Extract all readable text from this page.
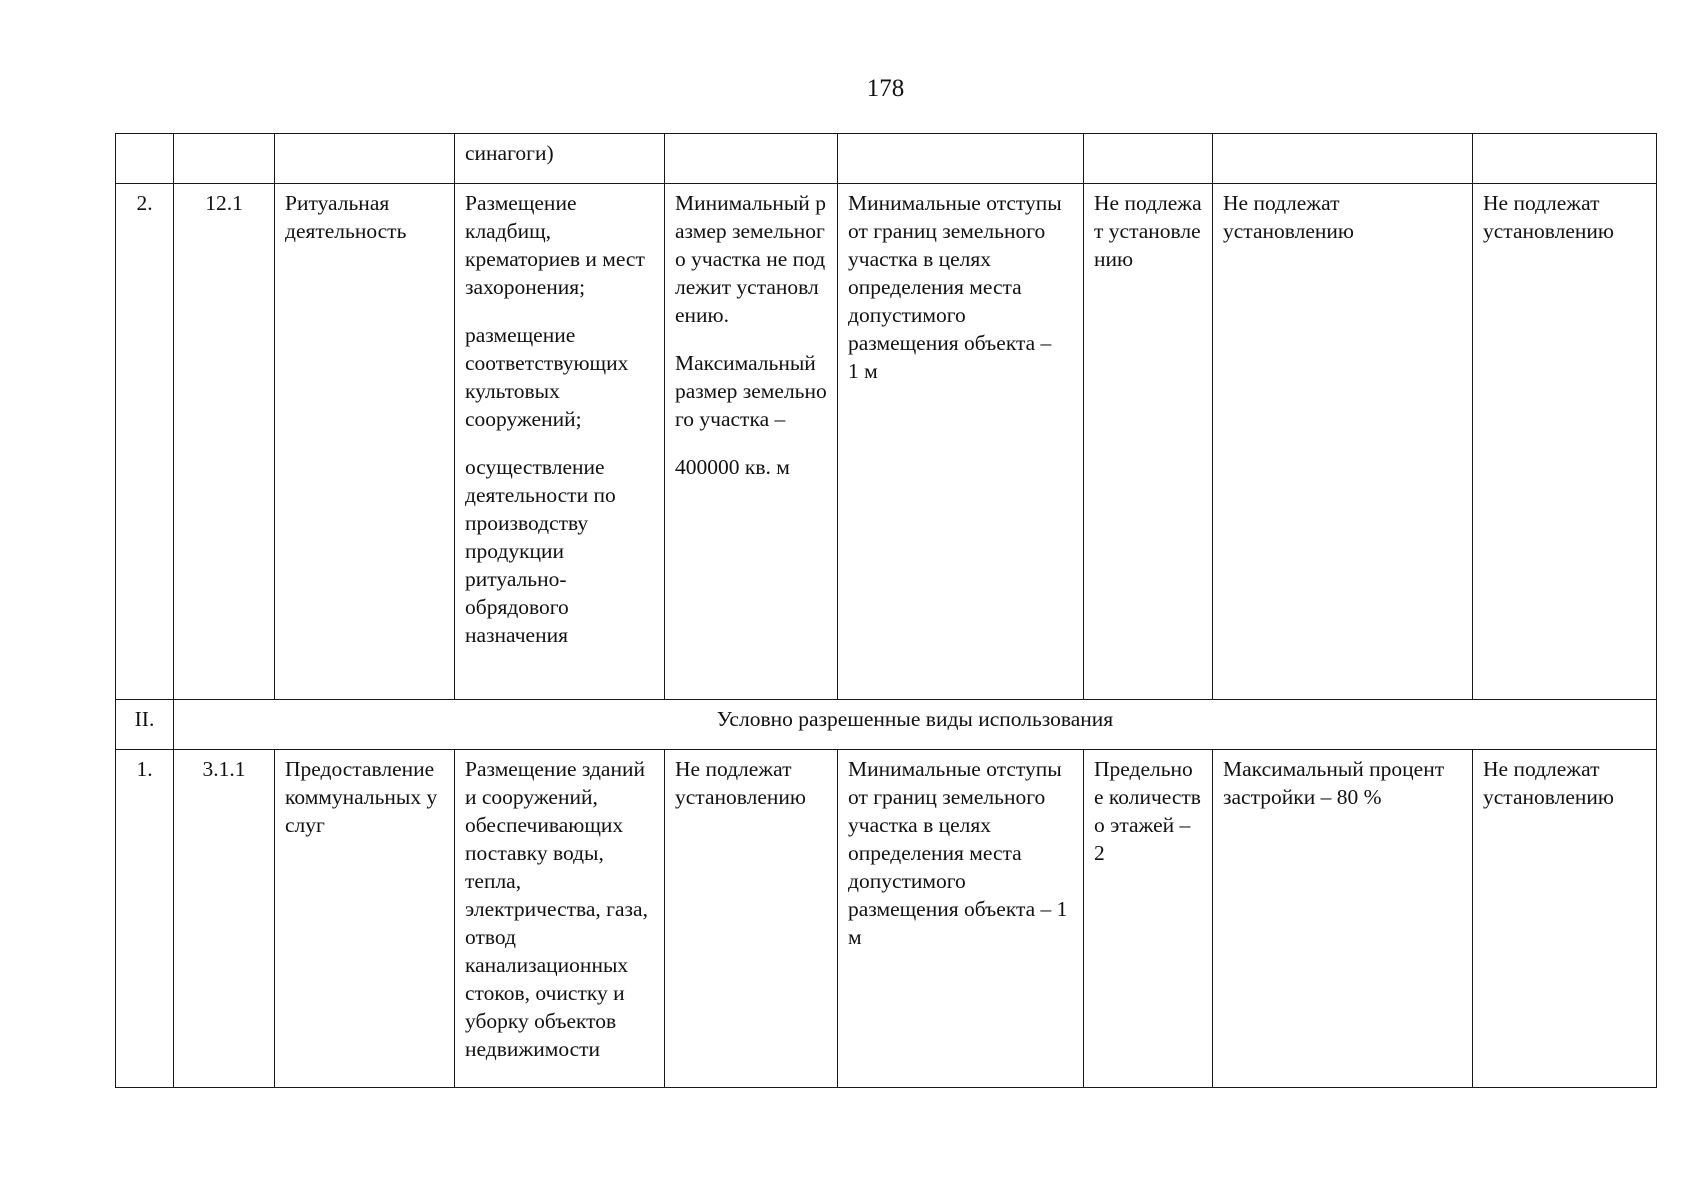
178
			синагоги)					
2.	12.1	Ритуальная деятельность	Размещение кладбищ, крематориев и мест захоронения;
размещение соответствующих культовых сооружений;
осуществление деятельности по производству продукции ритуально-обрядового назначения	Минимальный размер земельного участка не подлежит установлению.
Максимальный размер земельного участка –
400000 кв. м	Минимальные отступы от границ земельного участка в целях определения места допустимого размещения объекта –
1 м	Не подлежат установлению	Не подлежат установлению	Не подлежат установлению
II.	Условно разрешенные виды использования							
1.	3.1.1	Предоставление коммунальных услуг	Размещение зданий и сооружений, обеспечивающих поставку воды, тепла, электричества, газа, отвод канализационных стоков, очистку и уборку объектов недвижимости	Не подлежат установлению	Минимальные отступы от границ земельного участка в целях определения места допустимого размещения объекта – 1 м	Предельное количество этажей – 2	Максимальный процент застройки – 80 %	Не подлежат установлению
